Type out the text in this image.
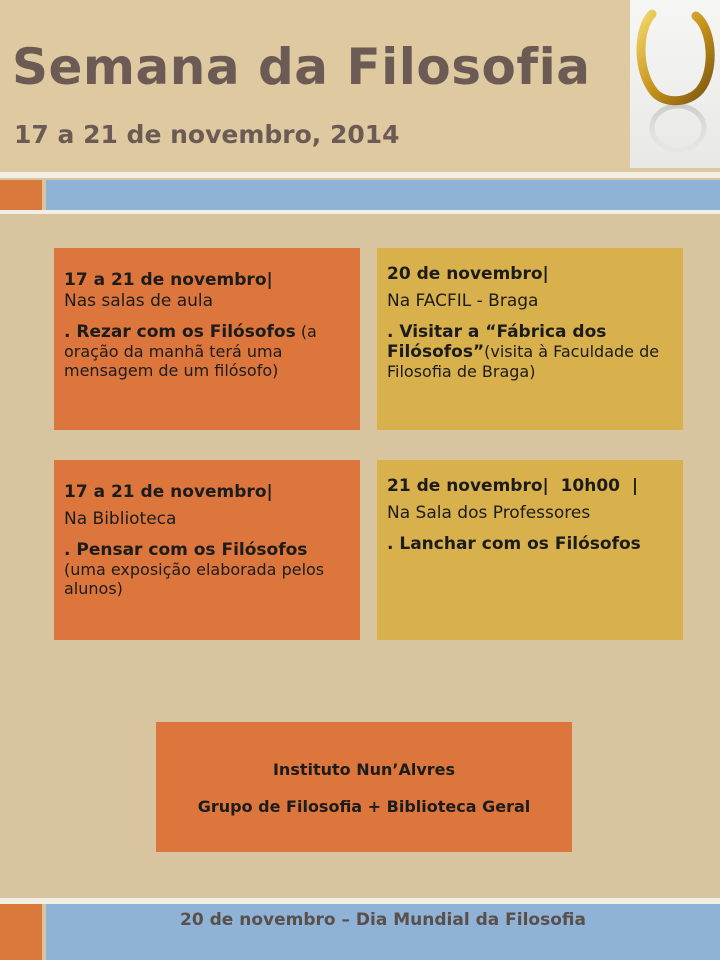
Semana da Filosofia
17 a 21 de novembro, 2014
17 a 21 de novembro|
Nas salas de aula
. Rezar com os Filósofos (a oração da manhã terá uma mensagem de um filósofo)
20 de novembro|
Na FACFIL - Braga
. Visitar a “Fábrica dos Filósofos”(visita à Faculdade de Filosofia de Braga)
17 a 21 de novembro|
Na Biblioteca
. Pensar com os Filósofos
(uma exposição elaborada pelos alunos)
21 de novembro|  10h00  |
Na Sala dos Professores
. Lanchar com os Filósofos
Instituto Nun’Alvres
Grupo de Filosofia + Biblioteca Geral
20 de novembro – Dia Mundial da Filosofia
